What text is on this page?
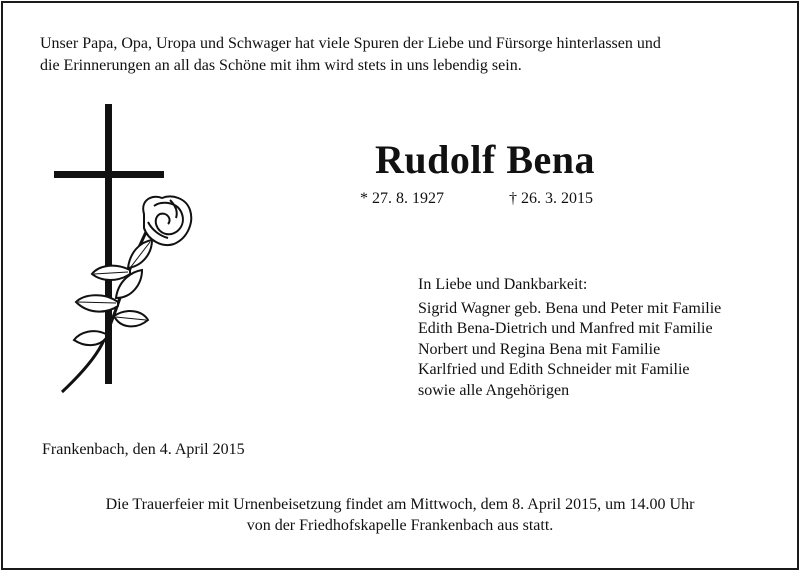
Unser Papa, Opa, Uropa und Schwager hat viele Spuren der Liebe und Fürsorge hinterlassen und

die Erinnerungen an all das Schöne mit ihm wird stets in uns lebendig sein.

Rudolf Bena
* 27. 8. 1927	† 26. 3. 2015
In Liebe und Dankbarkeit:
Sigrid Wagner geb. Bena und Peter mit Familie
Edith Bena-Dietrich und Manfred mit Familie
Norbert und Regina Bena mit Familie
Karlfried und Edith Schneider mit Familie
sowie alle Angehörigen
Frankenbach, den 4. April 2015
Die Trauerfeier mit Urnenbeisetzung findet am Mittwoch, dem 8. April 2015, um 14.00 Uhr
von der Friedhofskapelle Frankenbach aus statt.
